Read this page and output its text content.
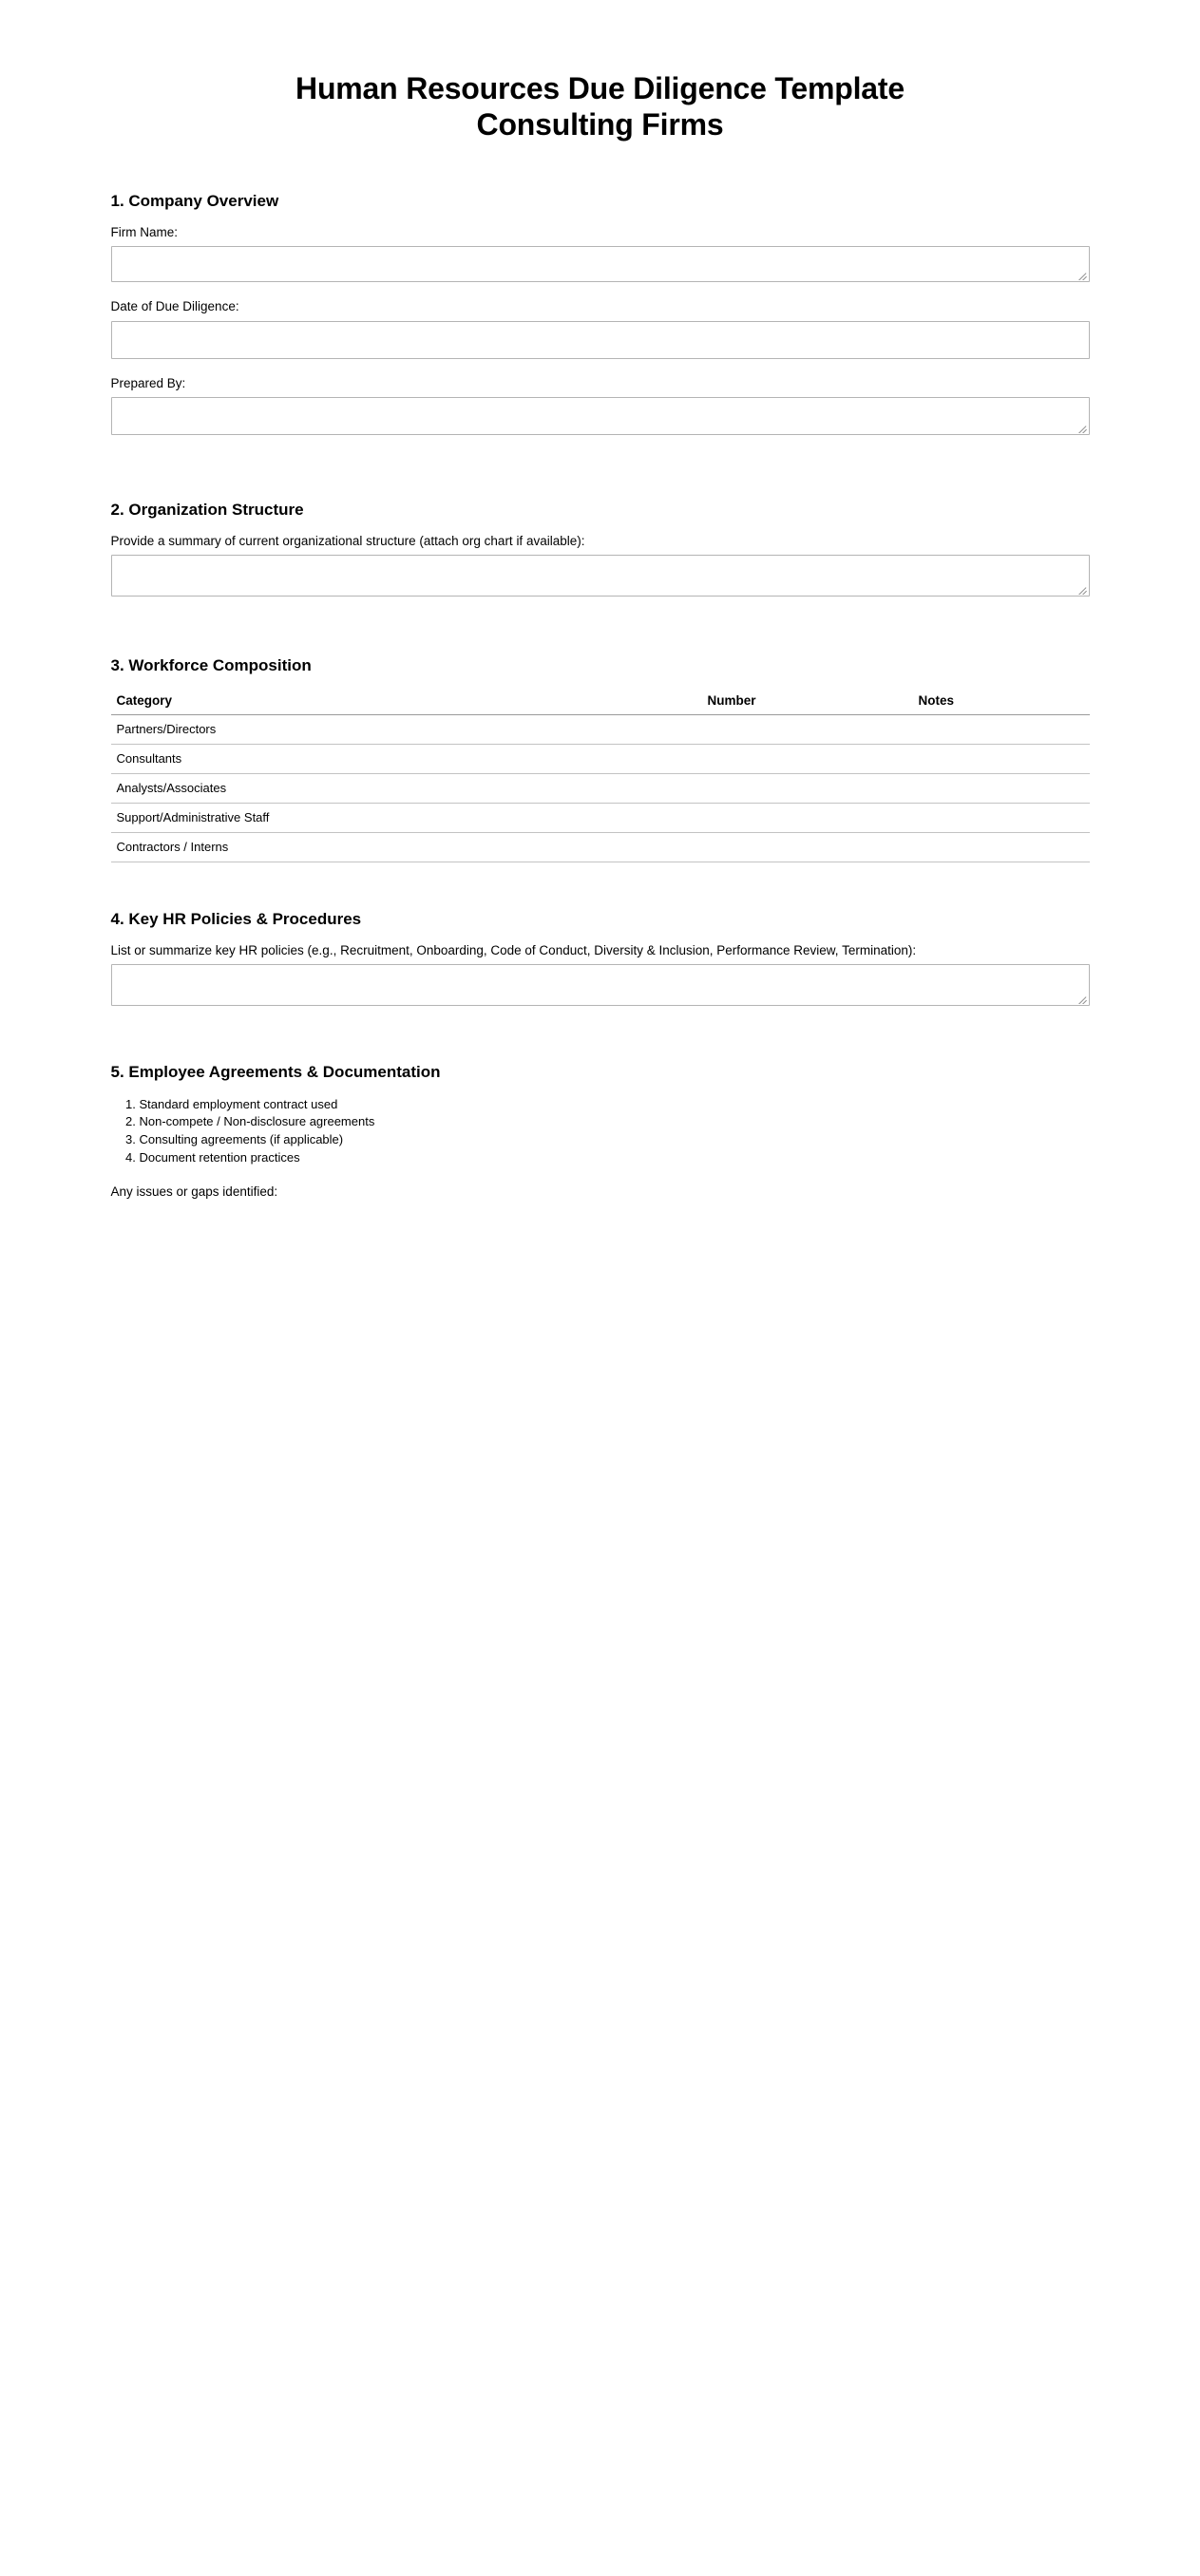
Human Resources Due Diligence Template
Consulting Firms
1. Company Overview
Firm Name:
Date of Due Diligence:
Prepared By:
2. Organization Structure
Provide a summary of current organizational structure (attach org chart if available):
3. Workforce Composition
Category	Number	Notes
Partners/Directors		
Consultants		
Analysts/Associates		
Support/Administrative Staff		
Contractors / Interns		
4. Key HR Policies & Procedures
List or summarize key HR policies (e.g., Recruitment, Onboarding, Code of Conduct, Diversity & Inclusion, Performance Review, Termination):
5. Employee Agreements & Documentation
1. Standard employment contract used
2. Non-compete / Non-disclosure agreements
3. Consulting agreements (if applicable)
4. Document retention practices
Any issues or gaps identified:
